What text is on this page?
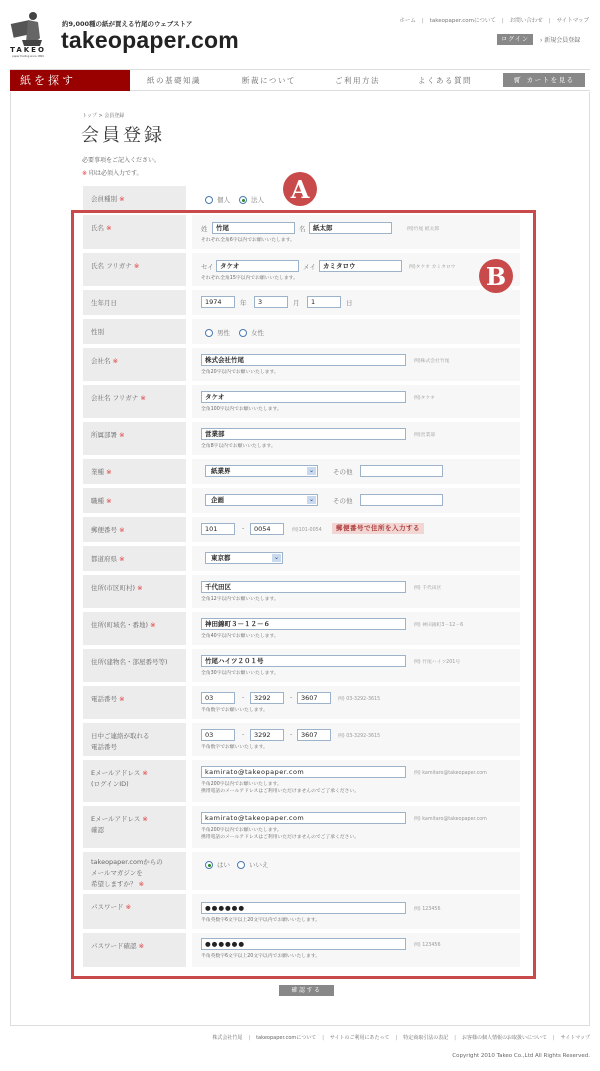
TAKEO
paper trading since 1899
約9,000種の紙が買える竹尾のウェブストア
takeopaper.com
ホーム | takeopaper.comについて | お問い合わせ | サイトマップ
ログイン	› 新規会員登録
紙を探す	紙の基礎知識	断裁について	ご利用方法	よくある質問	🛒︎ カートを見る
トップ > 会員登録
会員登録
必要事項をご記入ください。
※ 印は必須入力です。
会員種別 ※	個人	法人
氏名 ※	姓	竹尾	名	紙太郎	例)竹尾 紙太郎
それぞれ全角6字以内でお願いいたします。
氏名 フリガナ ※	セイ タケオ	メイ	カミタロウ	例)タケオ カミタロウ
それぞれ全角15字以内でお願いいたします。
生年月日	1974	年	3	月	1	日
性別	男性	女性
会社名 ※	株式会社竹尾	例)株式会社竹尾
全角20字以内でお願いいたします。
会社名 フリガナ ※	タケオ	例)タケオ
全角100字以内でお願いいたします。
所属部署 ※	営業部	例)営業部
全角8字以内でお願いいたします。
業種 ※	紙業界	⌄	その他
職種 ※	企画	⌄	その他
郵便番号 ※	101	-	0054	例)101-0054	郵便番号で住所を入力する
都道府県 ※	東京都	⌄
住所(市区町村) ※	千代田区	例) 千代田区
全角12字以内でお願いいたします。
住所(町域名・番地) ※	神田錦町３－１２－６	例) 神田錦町3－12－6
全角40字以内でお願いいたします。
住所(建物名・部屋番号等)	竹尾ハイツ２０１号	例) 竹尾ハイツ201号
全角30字以内でお願いいたします。
電話番号 ※	03	-	3292	-	3607	例) 03-3292-3615
半角数字でお願いいたします。
日中ご連絡が取れる
電話番号
03	-	3292	-	3607	例) 03-3292-3615
半角数字でお願いいたします。
Eメールアドレス ※
(ログインID)
kamirato@takeopaper.com	例) kamitaro@takeopaper.com
半角200字以内でお願いいたします。
携帯電話のメールアドレスはご利用いただけませんのでご了承ください。
Eメールアドレス ※
確認
kamirato@takeopaper.com	例) kamitaro@takeopaper.com
半角200字以内でお願いいたします。
携帯電話のメールアドレスはご利用いただけませんのでご了承ください。
takeopaper.comからの
メールマガジンを
希望しますか？ ※
はい	いいえ
パスワード ※	●●●●●●	例) 123456
半角英数字6文字以上20文字以内でお願いいたします。
パスワード確認 ※	●●●●●●	例) 123456
半角英数字6文字以上20文字以内でお願いいたします。
A
B
確認する
株式会社竹尾 | takeopaper.comについて | サイトのご利用にあたって | 特定商取引法の表記 | お客様の個人情報のお取扱いについて | サイトマップ
Copyright 2010 Takeo Co.,Ltd All Rights Reserved.
